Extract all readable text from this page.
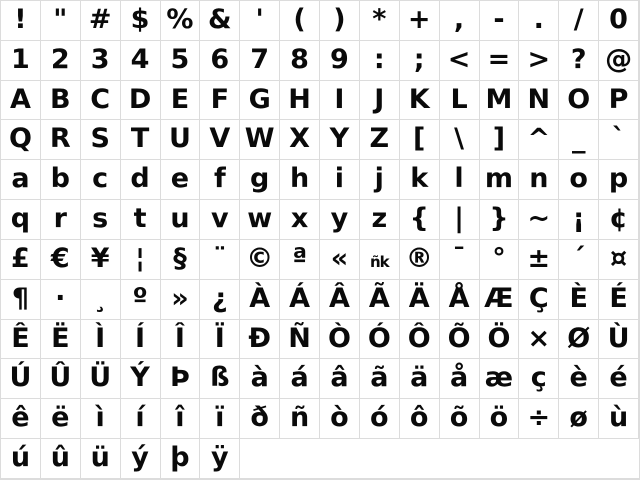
! " # $ % & '	(	) * + ,	-	.	/ 0
1 2 3 4 5 6 7 8 9 :	; < = > ? @
A B C D E F G H I	J K L M N O P
Q R S T U V W X Y Z [	\	] ^ _ `
a b c d e f g h i	j k l m n o p
q r s t u v w x y z { | } ~ ¡ ¢
£ € ¥ ¦	§ ¨ © ª «	ñk ® ¯ ° ± ´ ¤
¶ ·	¸ º » ¿ À Á Â Ã Ä Å Æ Ç È É
Ê Ë Ì	Í	Î	Ï Ð Ñ Ò Ó Ô Õ Ö × Ø Ù
Ú Û Ü Ý Þ ß à á â ã ä å æ ç è é
ê ë ì	í	î	ï ð ñ ò ó ô õ ö ÷ ø ù
ú û ü ý þ ÿ
